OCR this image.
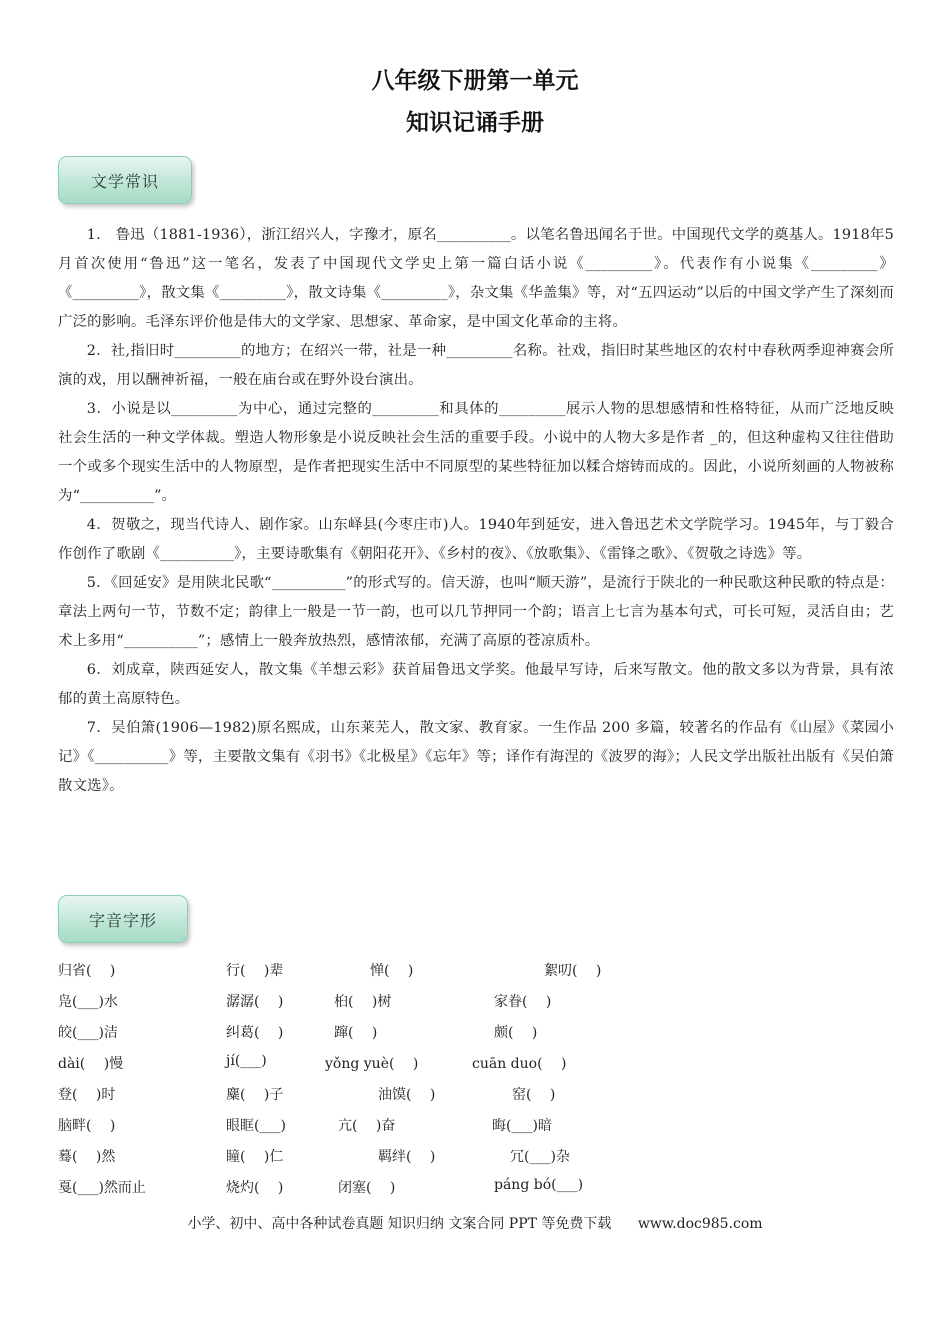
八年级下册第一单元
知识记诵手册
文学常识

1.　鲁迅（1881-1936），浙江绍兴人，字豫才，原名__________。以笔名鲁迅闻名于世。中国现代文学的奠基人。1918年5月首次使用“鲁迅”这一笔名，发表了中国现代文学史上第一篇白话小说《_________》。代表作有小说集《_________》《_________》，散文集《_________》，散文诗集《_________》，杂文集《华盖集》等，对“五四运动”以后的中国文学产生了深刻而广泛的影响。毛泽东评价他是伟大的文学家、思想家、革命家，是中国文化革命的主将。

2．社,指旧时_________的地方；在绍兴一带，社是一种_________名称。社戏，指旧时某些地区的农村中春秋两季迎神赛会所演的戏，用以酬神祈福，一般在庙台或在野外设台演出。

3．小说是以_________为中心，通过完整的_________和具体的_________展示人物的思想感情和性格特征，从而广泛地反映社会生活的一种文学体裁。塑造人物形象是小说反映社会生活的重要手段。小说中的人物大多是作者 _的，但这种虚构又往往借助一个或多个现实生活中的人物原型，是作者把现实生活中不同原型的某些特征加以糅合熔铸而成的。因此，小说所刻画的人物被称为“__________”。

4．贺敬之，现当代诗人、剧作家。山东峄县(今枣庄市)人。1940年到延安，进入鲁迅艺术文学院学习。1945年，与丁毅合作创作了歌剧《__________》，主要诗歌集有《朝阳花开》、《乡村的夜》、《放歌集》、《雷锋之歌》、《贺敬之诗选》等。

5．《回延安》是用陕北民歌“__________”的形式写的。信天游，也叫“顺天游”，是流行于陕北的一种民歌这种民歌的特点是：章法上两句一节，节数不定；韵律上一般是一节一韵，也可以几节押同一个韵；语言上七言为基本句式，可长可短，灵活自由；艺术上多用“__________”；感情上一般奔放热烈，感情浓郁，充满了高原的苍凉质朴。

6．刘成章，陕西延安人，散文集《羊想云彩》获首届鲁迅文学奖。他最早写诗，后来写散文。他的散文多以为背景，具有浓郁的黄土高原特色。

7．吴伯箫(1906—1982)原名熙成，山东莱芜人，散文家、教育家。一生作品 200 多篇，较著名的作品有《山屋》《菜园小记》《__________》等，主要散文集有《羽书》《北极星》《忘年》等；译作有海涅的《波罗的海》；人民文学出版社出版有《吴伯箫散文选》。

字音字形
归省(　 )	行(　 )辈	惮(　 )	絮叨(　 )
凫(___)水	潺潺(　 )	桕(　 )树	家眷(　 )
皎(___)洁	纠葛(　 )	蹿(　 )	颇(　 )
dài(　 )慢	jí(___)	yǒng yuè(　 )	cuān duo(　 )
登(　 )时	麋(　 )子	油馍(　 )	窑(　 )
脑畔(　 )	眼眶(___)	亢(　 )奋	晦(___)暗
蓦(　 )然	瞳(　 )仁	羁绊(　 )	冗(___)杂
戛(___)然而止	烧灼(　 )	闭塞(　 )	páng bó(___)
小学、初中、高中各种试卷真题 知识归纳 文案合同 PPT 等免费下载 www.doc985.com
